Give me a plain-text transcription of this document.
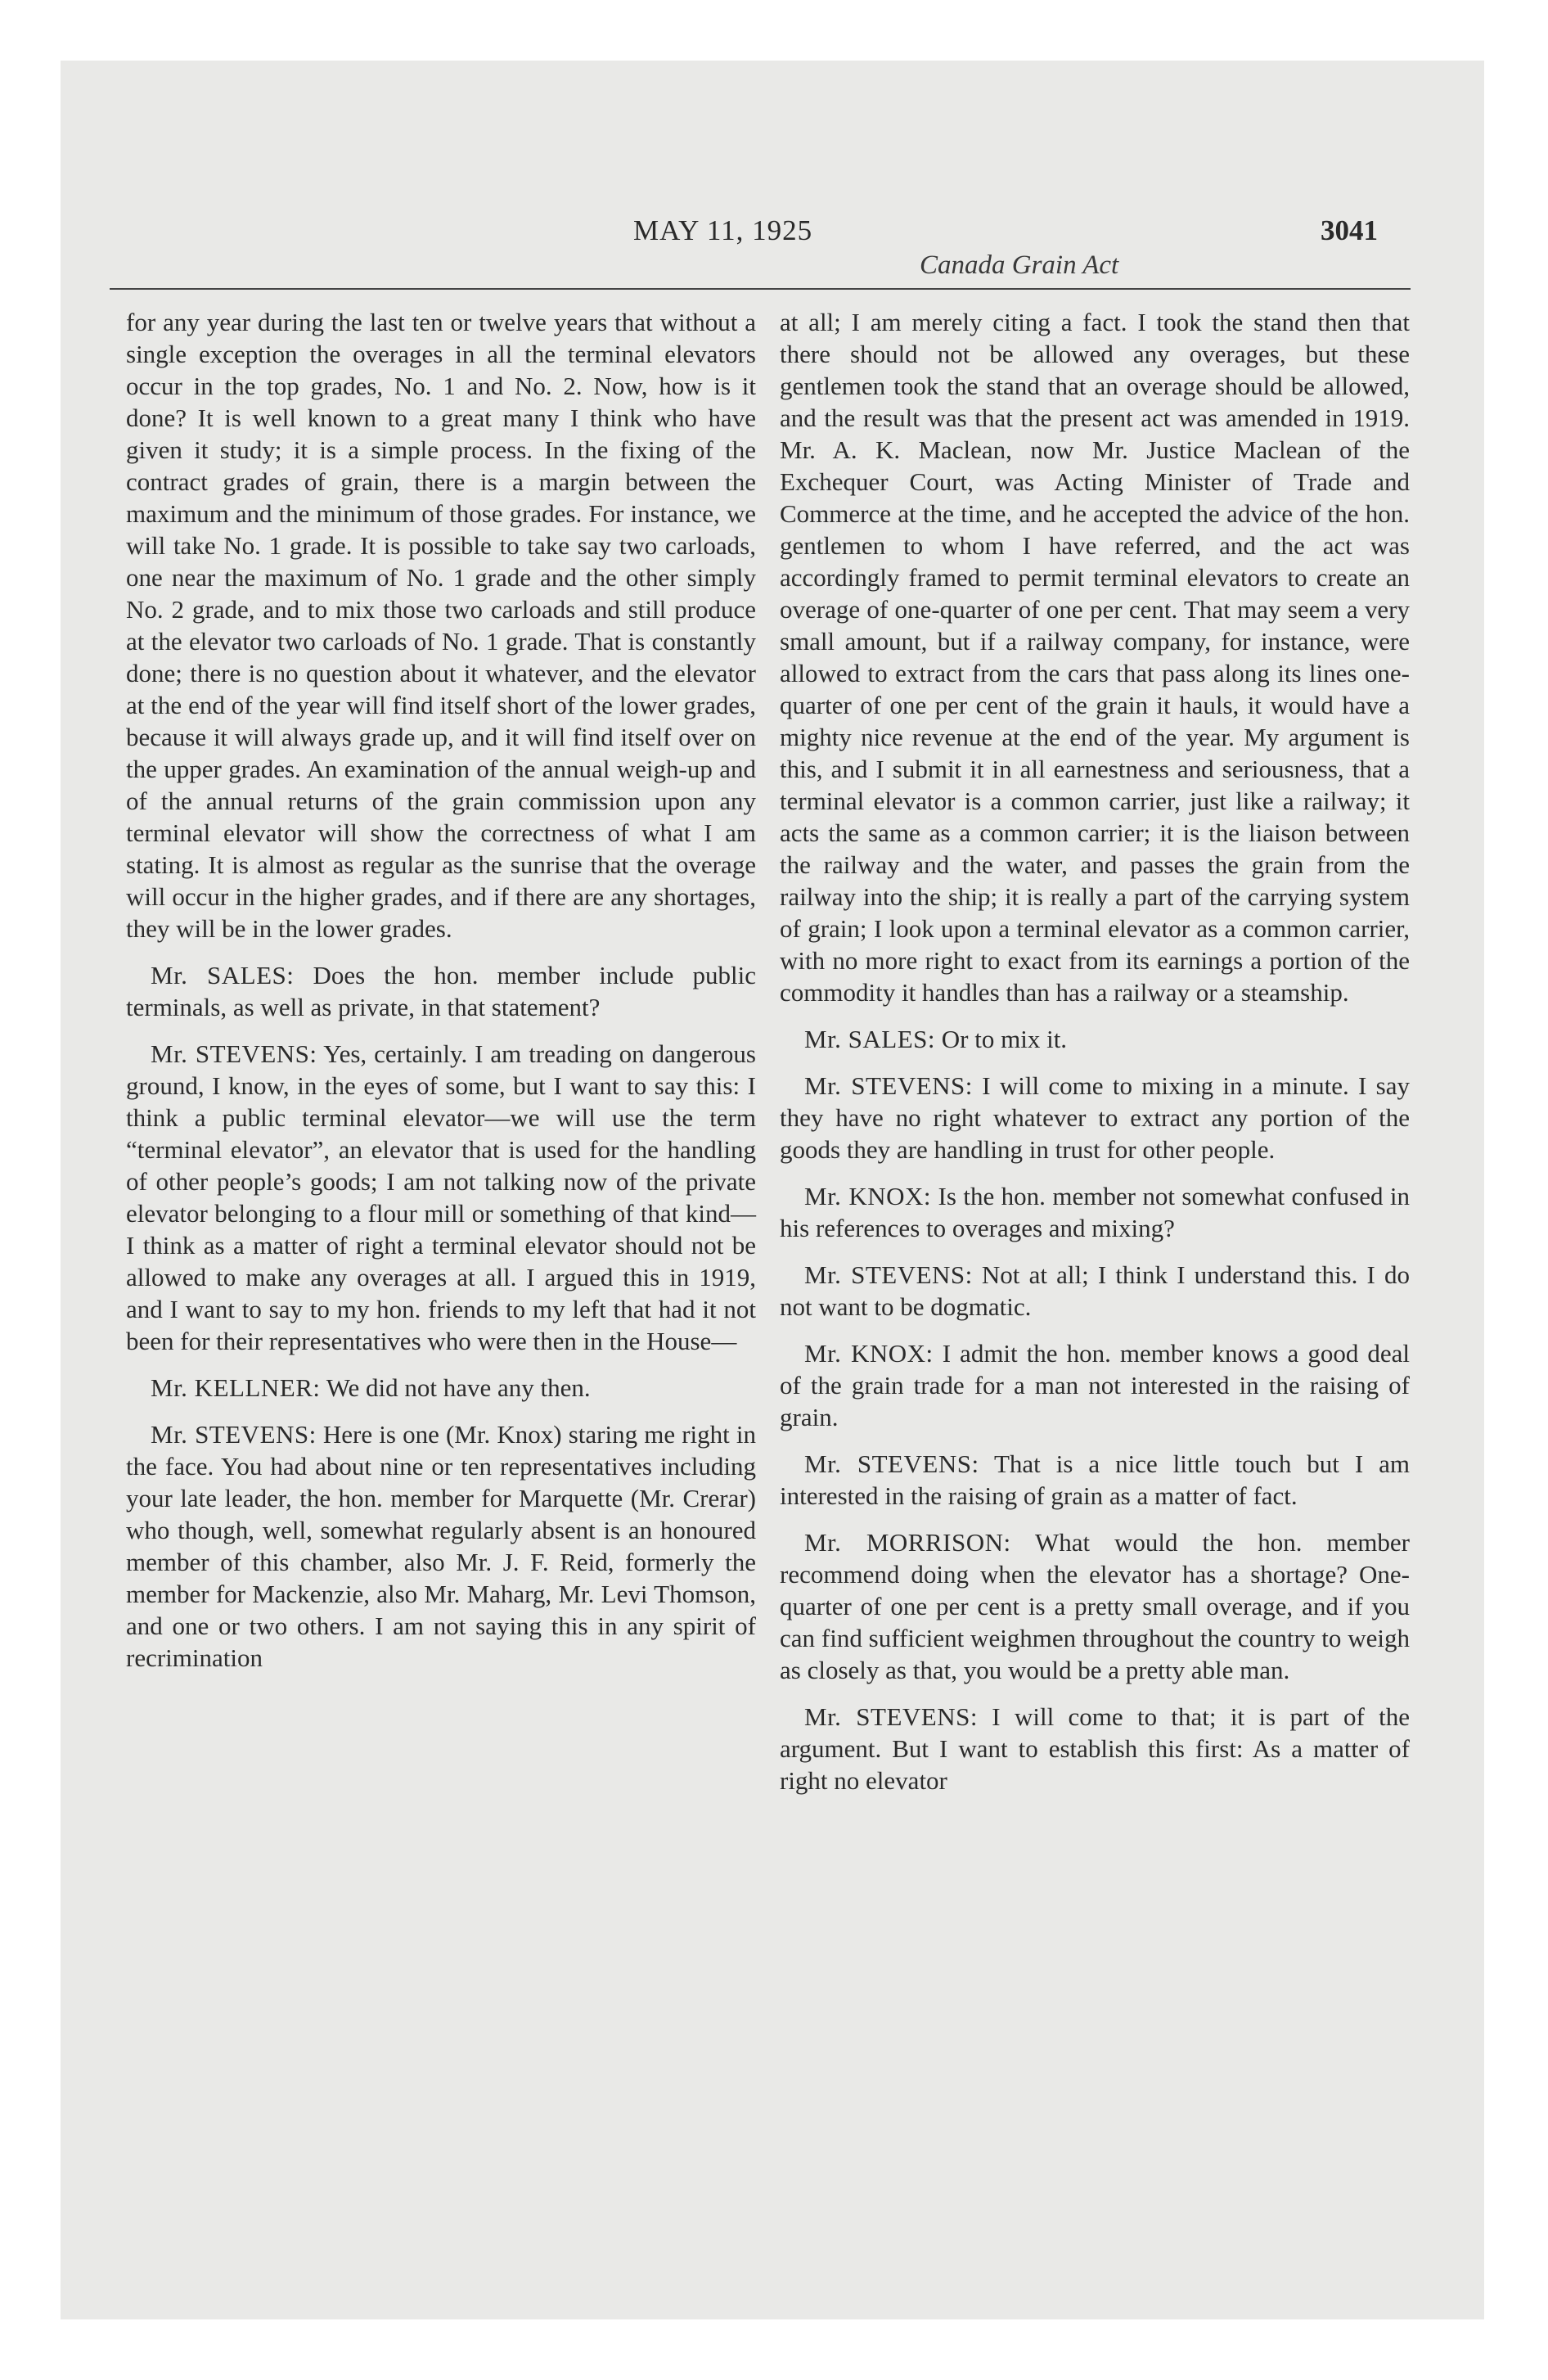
MAY 11, 1925	3041
Canada Grain Act

for any year during the last ten or twelve years that without a single exception the overages in all the terminal elevators occur in the top grades, No. 1 and No. 2. Now, how is it done? It is well known to a great many I think who have given it study; it is a simple process. In the fixing of the contract grades of grain, there is a margin between the maximum and the minimum of those grades. For instance, we will take No. 1 grade. It is possible to take say two carloads, one near the maximum of No. 1 grade and the other simply No. 2 grade, and to mix those two carloads and still produce at the elevator two carloads of No. 1 grade. That is constantly done; there is no question about it whatever, and the elevator at the end of the year will find itself short of the lower grades, because it will always grade up, and it will find itself over on the upper grades. An examination of the annual weigh-up and of the annual returns of the grain commission upon any terminal elevator will show the correctness of what I am stating. It is almost as regular as the sunrise that the overage will occur in the higher grades, and if there are any shortages, they will be in the lower grades.

Mr. SALES: Does the hon. member include public terminals, as well as private, in that statement?

Mr. STEVENS: Yes, certainly. I am treading on dangerous ground, I know, in the eyes of some, but I want to say this: I think a public terminal elevator—we will use the term “terminal elevator”, an elevator that is used for the handling of other people’s goods; I am not talking now of the private elevator belonging to a flour mill or something of that kind—I think as a matter of right a terminal elevator should not be allowed to make any overages at all. I argued this in 1919, and I want to say to my hon. friends to my left that had it not been for their representatives who were then in the House—

Mr. KELLNER: We did not have any then.

Mr. STEVENS: Here is one (Mr. Knox) staring me right in the face. You had about nine or ten representatives including your late leader, the hon. member for Marquette (Mr. Crerar) who though, well, somewhat regularly absent is an honoured member of this chamber, also Mr. J. F. Reid, formerly the member for Mackenzie, also Mr. Maharg, Mr. Levi Thomson, and one or two others. I am not saying this in any spirit of recrimination

at all; I am merely citing a fact. I took the stand then that there should not be allowed any overages, but these gentlemen took the stand that an overage should be allowed, and the result was that the present act was amended in 1919. Mr. A. K. Maclean, now Mr. Justice Maclean of the Exchequer Court, was Acting Minister of Trade and Commerce at the time, and he accepted the advice of the hon. gentlemen to whom I have referred, and the act was accordingly framed to permit terminal elevators to create an overage of one-quarter of one per cent. That may seem a very small amount, but if a railway company, for instance, were allowed to extract from the cars that pass along its lines one-quarter of one per cent of the grain it hauls, it would have a mighty nice revenue at the end of the year. My argument is this, and I submit it in all earnestness and seriousness, that a terminal elevator is a common carrier, just like a railway; it acts the same as a common carrier; it is the liaison between the railway and the water, and passes the grain from the railway into the ship; it is really a part of the carrying system of grain; I look upon a terminal elevator as a common carrier, with no more right to exact from its earnings a portion of the commodity it handles than has a railway or a steamship.

Mr. SALES: Or to mix it.

Mr. STEVENS: I will come to mixing in a minute. I say they have no right whatever to extract any portion of the goods they are handling in trust for other people.

Mr. KNOX: Is the hon. member not somewhat confused in his references to overages and mixing?

Mr. STEVENS: Not at all; I think I understand this. I do not want to be dogmatic.

Mr. KNOX: I admit the hon. member knows a good deal of the grain trade for a man not interested in the raising of grain.

Mr. STEVENS: That is a nice little touch but I am interested in the raising of grain as a matter of fact.

Mr. MORRISON: What would the hon. member recommend doing when the elevator has a shortage? One-quarter of one per cent is a pretty small overage, and if you can find sufficient weighmen throughout the country to weigh as closely as that, you would be a pretty able man.

Mr. STEVENS: I will come to that; it is part of the argument. But I want to establish this first: As a matter of right no elevator
